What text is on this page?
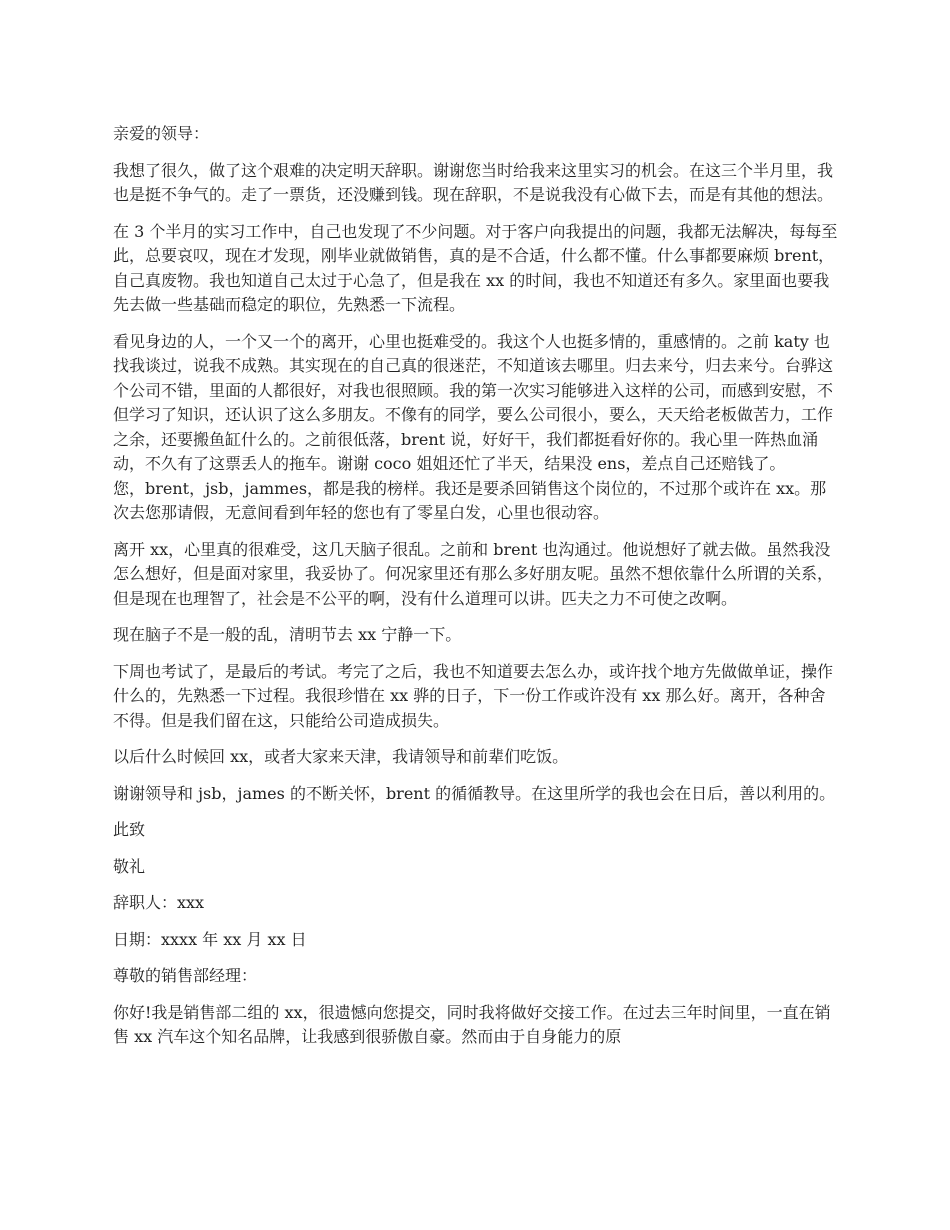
亲爱的领导：

我想了很久，做了这个艰难的决定明天辞职。谢谢您当时给我来这里实习的机会。在这三个半月里，我也是挺不争气的。走了一票货，还没赚到钱。现在辞职，不是说我没有心做下去，而是有其他的想法。

在 3 个半月的实习工作中，自己也发现了不少问题。对于客户向我提出的问题，我都无法解决，每每至此，总要哀叹，现在才发现，刚毕业就做销售，真的是不合适，什么都不懂。什么事都要麻烦 brent，自己真废物。我也知道自己太过于心急了，但是我在 xx 的时间，我也不知道还有多久。家里面也要我先去做一些基础而稳定的职位，先熟悉一下流程。

看见身边的人，一个又一个的离开，心里也挺难受的。我这个人也挺多情的，重感情的。之前 katy 也找我谈过，说我不成熟。其实现在的自己真的很迷茫，不知道该去哪里。归去来兮，归去来兮。台骅这个公司不错，里面的人都很好，对我也很照顾。我的第一次实习能够进入这样的公司，而感到安慰，不但学习了知识，还认识了这么多朋友。不像有的同学，要么公司很小，要么，天天给老板做苦力，工作之余，还要搬鱼缸什么的。之前很低落，brent 说，好好干，我们都挺看好你的。我心里一阵热血涌动，不久有了这票丢人的拖车。谢谢 coco 姐姐还忙了半天，结果没 ens，差点自己还赔钱了。

您，brent，jsb，jammes，都是我的榜样。我还是要杀回销售这个岗位的，不过那个或许在 xx。那次去您那请假，无意间看到年轻的您也有了零星白发，心里也很动容。

离开 xx，心里真的很难受，这几天脑子很乱。之前和 brent 也沟通过。他说想好了就去做。虽然我没怎么想好，但是面对家里，我妥协了。何况家里还有那么多好朋友呢。虽然不想依靠什么所谓的关系，但是现在也理智了，社会是不公平的啊，没有什么道理可以讲。匹夫之力不可使之改啊。

现在脑子不是一般的乱，清明节去 xx 宁静一下。

下周也考试了，是最后的考试。考完了之后，我也不知道要去怎么办，或许找个地方先做做单证，操作什么的，先熟悉一下过程。我很珍惜在 xx 骅的日子，下一份工作或许没有 xx 那么好。离开，各种舍不得。但是我们留在这，只能给公司造成损失。

以后什么时候回 xx，或者大家来天津，我请领导和前辈们吃饭。

谢谢领导和 jsb，james 的不断关怀，brent 的循循教导。在这里所学的我也会在日后，善以利用的。

此致

敬礼

辞职人：xxx

日期：xxxx 年 xx 月 xx 日

尊敬的销售部经理：

你好!我是销售部二组的 xx，很遗憾向您提交，同时我将做好交接工作。在过去三年时间里，一直在销售 xx 汽车这个知名品牌，让我感到很骄傲自豪。然而由于自身能力的原
